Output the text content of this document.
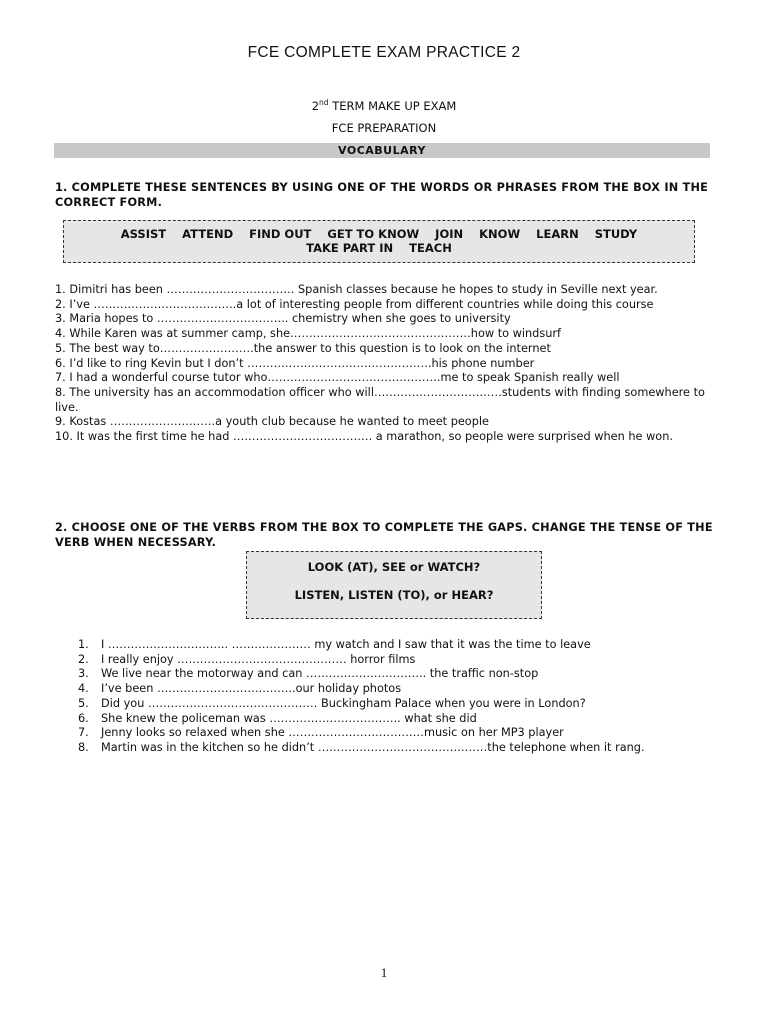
FCE COMPLETE EXAM PRACTICE 2
2nd TERM MAKE UP EXAM
FCE PREPARATION
VOCABULARY
1. COMPLETE THESE SENTENCES BY USING ONE OF THE WORDS OR PHRASES FROM THE BOX IN THE CORRECT FORM.
ASSIST ATTEND FIND OUT GET TO KNOW JOIN KNOW LEARN STUDY
TAKE PART IN TEACH
1. Dimitri has been ……………………………. Spanish classes because he hopes to study in Seville next year.
2. I’ve ………………………………..a lot of interesting people from different countries while doing this course
3. Maria hopes to …………………………….. chemistry when she goes to university
4. While Karen was at summer camp, she…………………………………………how to windsurf
5. The best way to…………………….the answer to this question is to look on the internet
6. I’d like to ring Kevin but I don’t ………………………………………….his phone number
7. I had a wonderful course tutor who……………………………………….me to speak Spanish really well
8. The university has an accommodation officer who will…………………………….students with finding somewhere to live.
9. Kostas ……………………….a youth club because he wanted to meet people
10. It was the first time he had ………………………………. a marathon, so people were surprised when he won.
2. CHOOSE ONE OF THE VERBS FROM THE BOX TO COMPLETE THE GAPS. CHANGE THE TENSE OF THE VERB WHEN NECESSARY.
LOOK (AT), SEE or WATCH?
LISTEN, LISTEN (TO), or HEAR?
1.	I ………………………….. ………………… my watch and I saw that it was the time to leave
2.	I really enjoy ……………………………………… horror films
3.	We live near the motorway and can ………………………….. the traffic non-stop
4.	I’ve been ………………………..……..our holiday photos
5.	Did you ……………………………………… Buckingham Palace when you were in London?
6.	She knew the policeman was …………………………….. what she did
7.	Jenny looks so relaxed when she ………………………………music on her MP3 player
8.	Martin was in the kitchen so he didn’t ………………………………………the telephone when it rang.
1
